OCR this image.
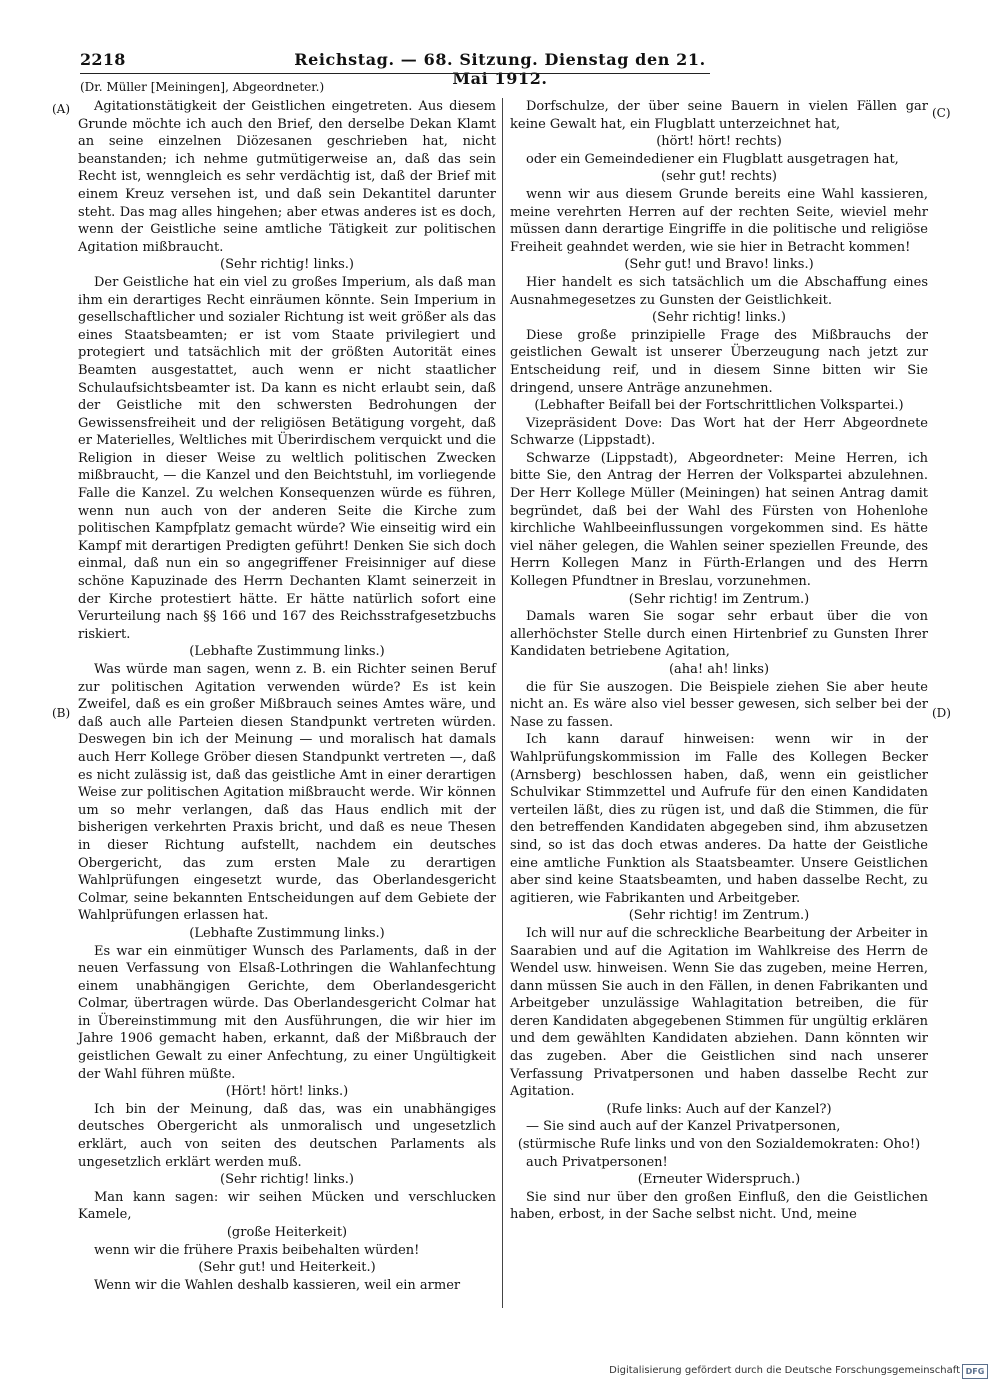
2218	Reichstag. — 68. Sitzung. Dienstag den 21. Mai 1912.
(Dr. Müller [Meiningen], Abgeordneter.)
(A)
(B)
(C)
(D)

Agitationstätigkeit der Geistlichen eingetreten. Aus diesem Grunde möchte ich auch den Brief, den derselbe Dekan Klamt an seine einzelnen Diözesanen geschrieben hat, nicht beanstanden; ich nehme gutmütigerweise an, daß das sein Recht ist, wenngleich es sehr verdächtig ist, daß der Brief mit einem Kreuz versehen ist, und daß sein Dekantitel darunter steht. Das mag alles hingehen; aber etwas anderes ist es doch, wenn der Geistliche seine amtliche Tätigkeit zur politischen Agitation mißbraucht.

(Sehr richtig! links.)

Der Geistliche hat ein viel zu großes Imperium, als daß man ihm ein derartiges Recht einräumen könnte. Sein Imperium in gesellschaftlicher und sozialer Richtung ist weit größer als das eines Staatsbeamten; er ist vom Staate privilegiert und protegiert und tatsächlich mit der größten Autorität eines Beamten ausgestattet, auch wenn er nicht staatlicher Schulaufsichtsbeamter ist. Da kann es nicht erlaubt sein, daß der Geistliche mit den schwersten Bedrohungen der Gewissensfreiheit und der religiösen Betätigung vorgeht, daß er Materielles, Weltliches mit Überirdischem verquickt und die Religion in dieser Weise zu weltlich politischen Zwecken mißbraucht, — die Kanzel und den Beichtstuhl, im vorliegende Falle die Kanzel. Zu welchen Konsequenzen würde es führen, wenn nun auch von der anderen Seite die Kirche zum politischen Kampfplatz gemacht würde? Wie einseitig wird ein Kampf mit derartigen Predigten geführt! Denken Sie sich doch einmal, daß nun ein so angegriffener Freisinniger auf diese schöne Kapuzinade des Herrn Dechanten Klamt seinerzeit in der Kirche protestiert hätte. Er hätte natürlich sofort eine Verurteilung nach §§ 166 und 167 des Reichsstrafgesetzbuchs riskiert.

(Lebhafte Zustimmung links.)

Was würde man sagen, wenn z. B. ein Richter seinen Beruf zur politischen Agitation verwenden würde? Es ist kein Zweifel, daß es ein großer Mißbrauch seines Amtes wäre, und daß auch alle Parteien diesen Standpunkt vertreten würden. Deswegen bin ich der Meinung — und moralisch hat damals auch Herr Kollege Gröber diesen Standpunkt vertreten —, daß es nicht zulässig ist, daß das geistliche Amt in einer derartigen Weise zur politischen Agitation mißbraucht werde. Wir können um so mehr verlangen, daß das Haus endlich mit der bisherigen verkehrten Praxis bricht, und daß es neue Thesen in dieser Richtung aufstellt, nachdem ein deutsches Obergericht, das zum ersten Male zu derartigen Wahlprüfungen eingesetzt wurde, das Oberlandesgericht Colmar, seine bekannten Entscheidungen auf dem Gebiete der Wahlprüfungen erlassen hat.

(Lebhafte Zustimmung links.)

Es war ein einmütiger Wunsch des Parlaments, daß in der neuen Verfassung von Elsaß-Lothringen die Wahlanfechtung einem unabhängigen Gerichte, dem Oberlandesgericht Colmar, übertragen würde. Das Oberlandesgericht Colmar hat in Übereinstimmung mit den Ausführungen, die wir hier im Jahre 1906 gemacht haben, erkannt, daß der Mißbrauch der geistlichen Gewalt zu einer Anfechtung, zu einer Ungültigkeit der Wahl führen müßte.

(Hört! hört! links.)

Ich bin der Meinung, daß das, was ein unabhängiges deutsches Obergericht als unmoralisch und ungesetzlich erklärt, auch von seiten des deutschen Parlaments als ungesetzlich erklärt werden muß.

(Sehr richtig! links.)

Man kann sagen: wir seihen Mücken und verschlucken Kamele,

(große Heiterkeit)

wenn wir die frühere Praxis beibehalten würden!

(Sehr gut! und Heiterkeit.)

Wenn wir die Wahlen deshalb kassieren, weil ein armer

Dorfschulze, der über seine Bauern in vielen Fällen gar keine Gewalt hat, ein Flugblatt unterzeichnet hat,

(hört! hört! rechts)

oder ein Gemeindediener ein Flugblatt ausgetragen hat,

(sehr gut! rechts)

wenn wir aus diesem Grunde bereits eine Wahl kassieren, meine verehrten Herren auf der rechten Seite, wieviel mehr müssen dann derartige Eingriffe in die politische und religiöse Freiheit geahndet werden, wie sie hier in Betracht kommen!

(Sehr gut! und Bravo! links.)

Hier handelt es sich tatsächlich um die Abschaffung eines Ausnahmegesetzes zu Gunsten der Geistlichkeit.

(Sehr richtig! links.)

Diese große prinzipielle Frage des Mißbrauchs der geistlichen Gewalt ist unserer Überzeugung nach jetzt zur Entscheidung reif, und in diesem Sinne bitten wir Sie dringend, unsere Anträge anzunehmen.

(Lebhafter Beifall bei der Fortschrittlichen Volkspartei.)

Vizepräsident Dove: Das Wort hat der Herr Abgeordnete Schwarze (Lippstadt).

Schwarze (Lippstadt), Abgeordneter: Meine Herren, ich bitte Sie, den Antrag der Herren der Volkspartei abzulehnen. Der Herr Kollege Müller (Meiningen) hat seinen Antrag damit begründet, daß bei der Wahl des Fürsten von Hohenlohe kirchliche Wahlbeeinflussungen vorgekommen sind. Es hätte viel näher gelegen, die Wahlen seiner speziellen Freunde, des Herrn Kollegen Manz in Fürth-Erlangen und des Herrn Kollegen Pfundtner in Breslau, vorzunehmen.

(Sehr richtig! im Zentrum.)

Damals waren Sie sogar sehr erbaut über die von allerhöchster Stelle durch einen Hirtenbrief zu Gunsten Ihrer Kandidaten betriebene Agitation,

(aha! ah! links)

die für Sie auszogen. Die Beispiele ziehen Sie aber heute nicht an. Es wäre also viel besser gewesen, sich selber bei der Nase zu fassen.

Ich kann darauf hinweisen: wenn wir in der Wahlprüfungskommission im Falle des Kollegen Becker (Arnsberg) beschlossen haben, daß, wenn ein geistlicher Schulvikar Stimmzettel und Aufrufe für den einen Kandidaten verteilen läßt, dies zu rügen ist, und daß die Stimmen, die für den betreffenden Kandidaten abgegeben sind, ihm abzusetzen sind, so ist das doch etwas anderes. Da hatte der Geistliche eine amtliche Funktion als Staatsbeamter. Unsere Geistlichen aber sind keine Staatsbeamten, und haben dasselbe Recht, zu agitieren, wie Fabrikanten und Arbeitgeber.

(Sehr richtig! im Zentrum.)

Ich will nur auf die schreckliche Bearbeitung der Arbeiter in Saarabien und auf die Agitation im Wahlkreise des Herrn de Wendel usw. hinweisen. Wenn Sie das zugeben, meine Herren, dann müssen Sie auch in den Fällen, in denen Fabrikanten und Arbeitgeber unzulässige Wahlagitation betreiben, die für deren Kandidaten abgegebenen Stimmen für ungültig erklären und dem gewählten Kandidaten abziehen. Dann könnten wir das zugeben. Aber die Geistlichen sind nach unserer Verfassung Privatpersonen und haben dasselbe Recht zur Agitation.

(Rufe links: Auch auf der Kanzel?)

— Sie sind auch auf der Kanzel Privatpersonen,

(stürmische Rufe links und von den Sozialdemokraten: Oho!)

auch Privatpersonen!

(Erneuter Widerspruch.)

Sie sind nur über den großen Einfluß, den die Geistlichen haben, erbost, in der Sache selbst nicht. Und, meine

Digitalisierung gefördert durch die Deutsche Forschungsgemeinschaft DFG
